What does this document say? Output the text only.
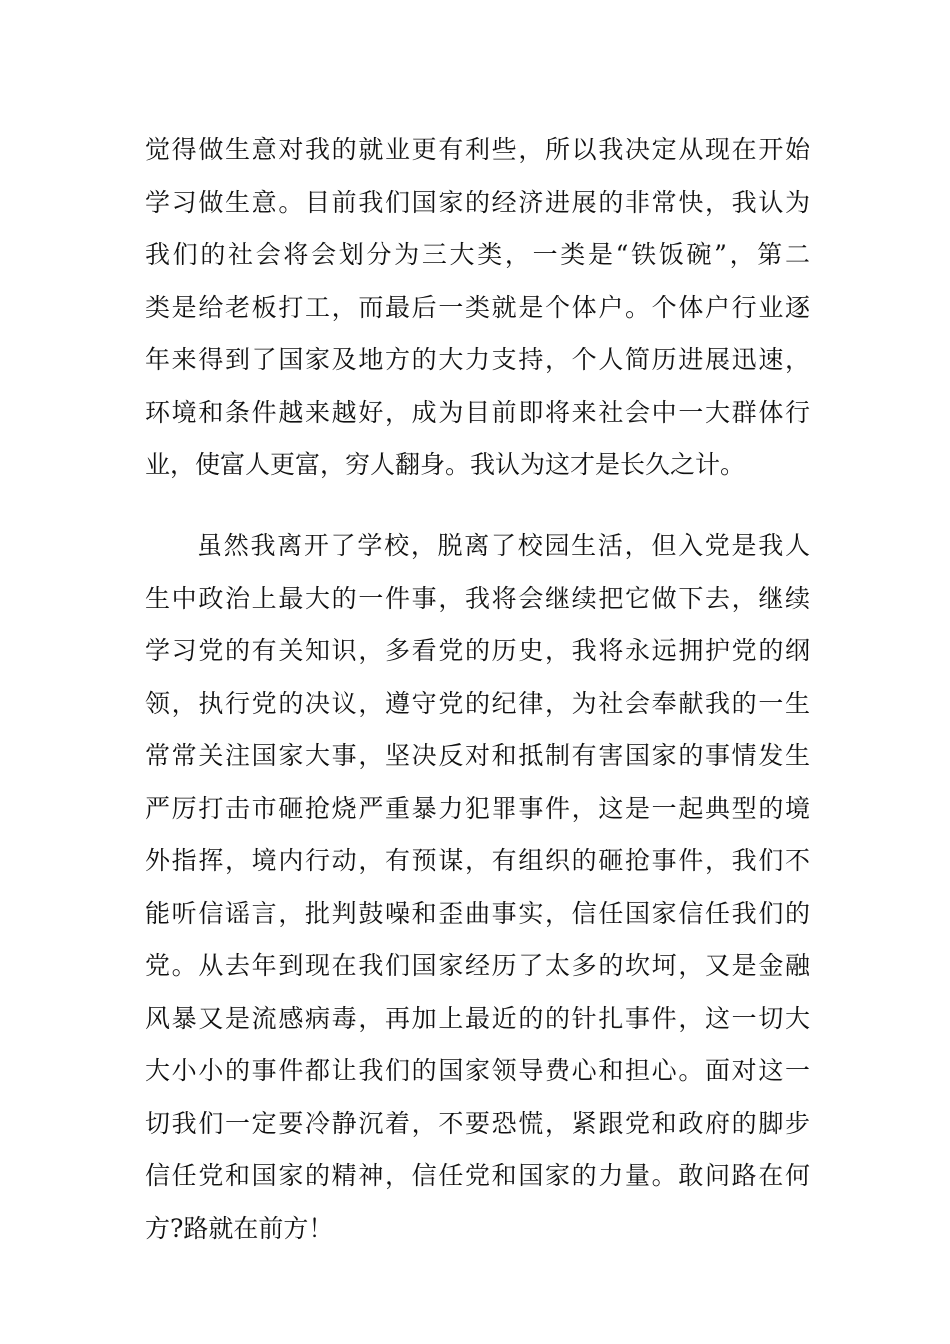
觉得做生意对我的就业更有利些，所以我决定从现在开始
学习做生意。目前我们国家的经济进展的非常快，我认为
我们的社会将会划分为三大类，一类是“铁饭碗”，第二
类是给老板打工，而最后一类就是个体户。个体户行业逐
年来得到了国家及地方的大力支持，个人简历进展迅速，
环境和条件越来越好，成为目前即将来社会中一大群体行
业，使富人更富，穷人翻身。我认为这才是长久之计。
虽然我离开了学校，脱离了校园生活，但入党是我人
生中政治上最大的一件事，我将会继续把它做下去，继续
学习党的有关知识，多看党的历史，我将永远拥护党的纲
领，执行党的决议，遵守党的纪律，为社会奉献我的一生
常常关注国家大事，坚决反对和抵制有害国家的事情发生
严厉打击市砸抢烧严重暴力犯罪事件，这是一起典型的境
外指挥，境内行动，有预谋，有组织的砸抢事件，我们不
能听信谣言，批判鼓噪和歪曲事实，信任国家信任我们的
党。从去年到现在我们国家经历了太多的坎坷，又是金融
风暴又是流感病毒，再加上最近的的针扎事件，这一切大
大小小的事件都让我们的国家领导费心和担心。面对这一
切我们一定要冷静沉着，不要恐慌，紧跟党和政府的脚步
信任党和国家的精神，信任党和国家的力量。敢问路在何
方?路就在前方！
